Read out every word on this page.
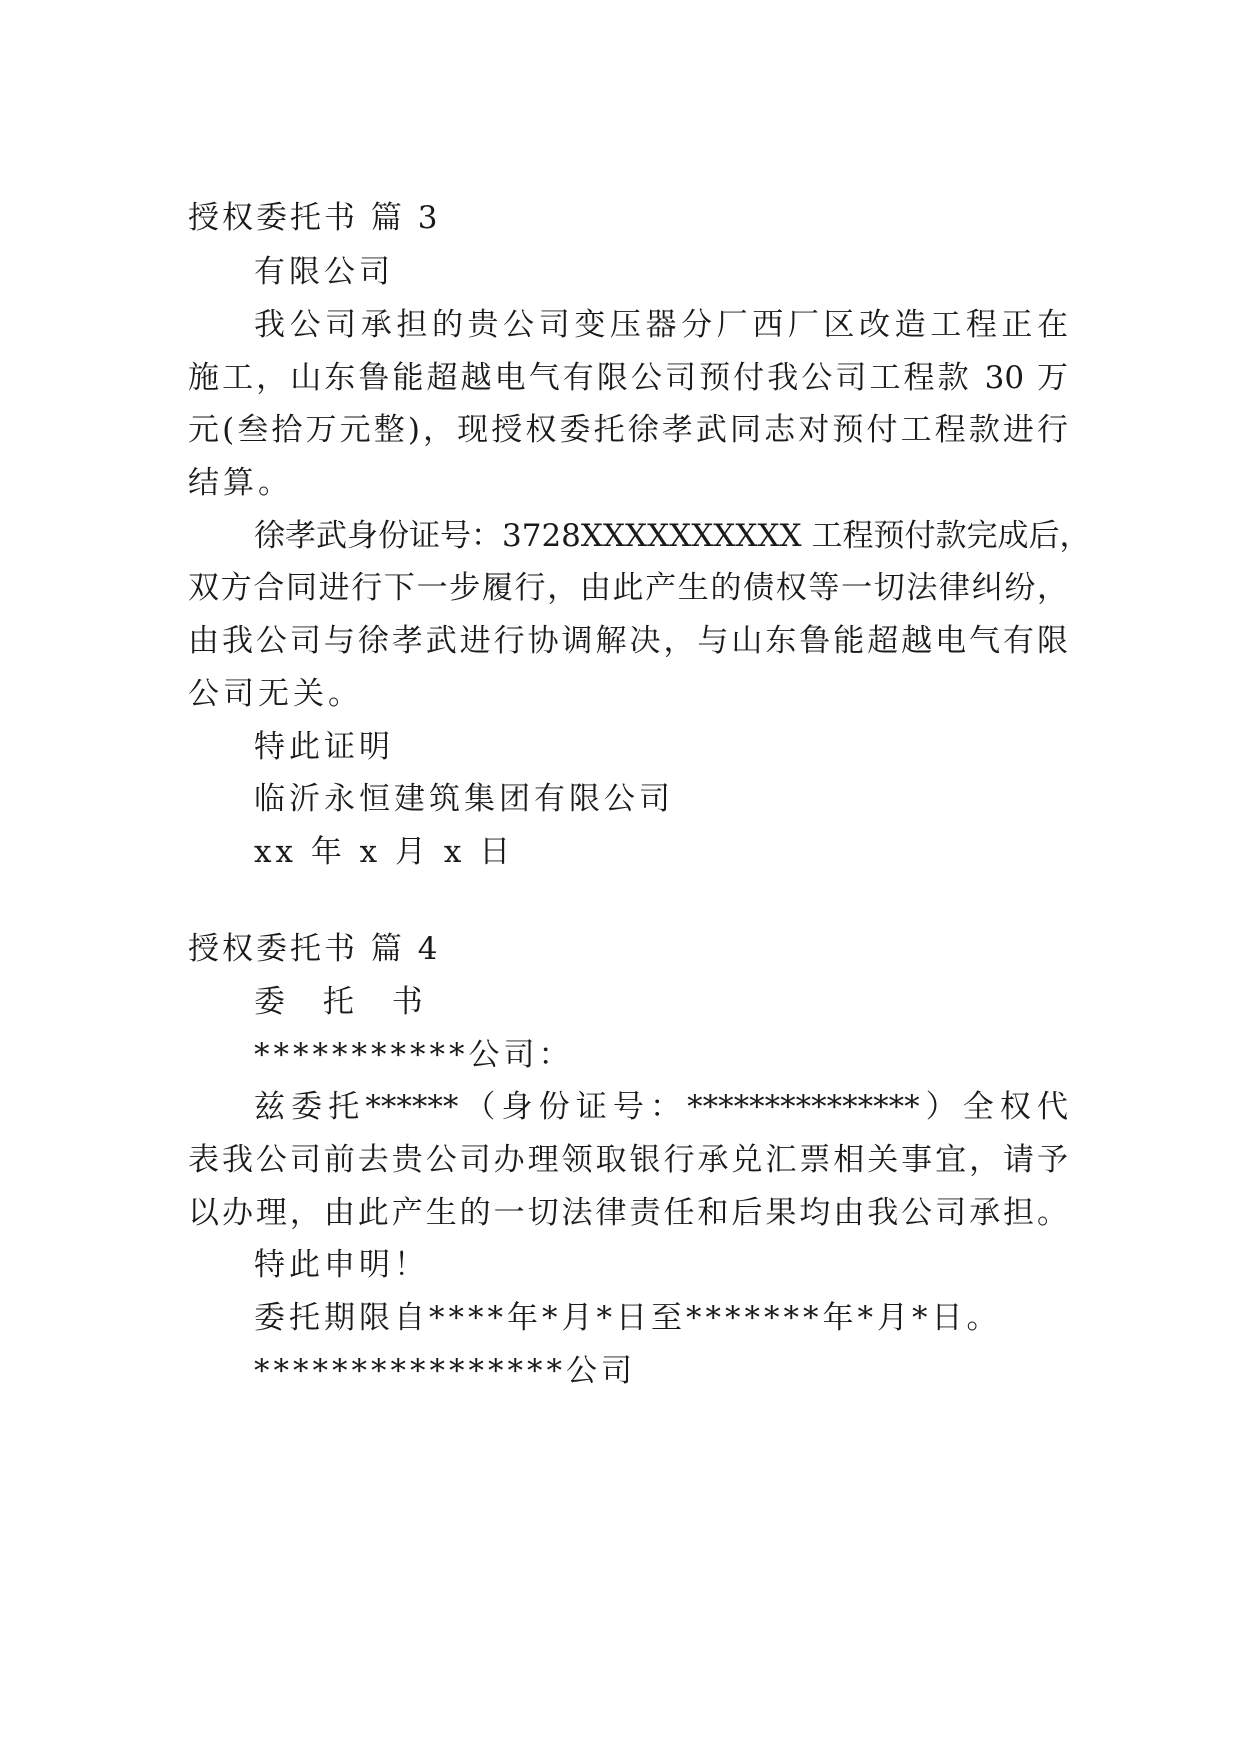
授权委托书 篇 3
有限公司
我公司承担的贵公司变压器分厂西厂区改造工程正在
施工，山东鲁能超越电气有限公司预付我公司工程款 30 万
元(叁拾万元整)，现授权委托徐孝武同志对预付工程款进行
结算。
徐孝武身份证号：3728XXXXXXXXXX 工程预付款完成后，
双方合同进行下一步履行，由此产生的债权等一切法律纠纷，
由我公司与徐孝武进行协调解决，与山东鲁能超越电气有限
公司无关。
特此证明
临沂永恒建筑集团有限公司
xx 年 x 月 x 日
授权委托书 篇 4
委 托 书
***********公司：
兹委托******（身份证号：***************）全权代
表我公司前去贵公司办理领取银行承兑汇票相关事宜，请予
以办理，由此产生的一切法律责任和后果均由我公司承担。
特此申明！
委托期限自****年*月*日至*******年*月*日。
****************公司
